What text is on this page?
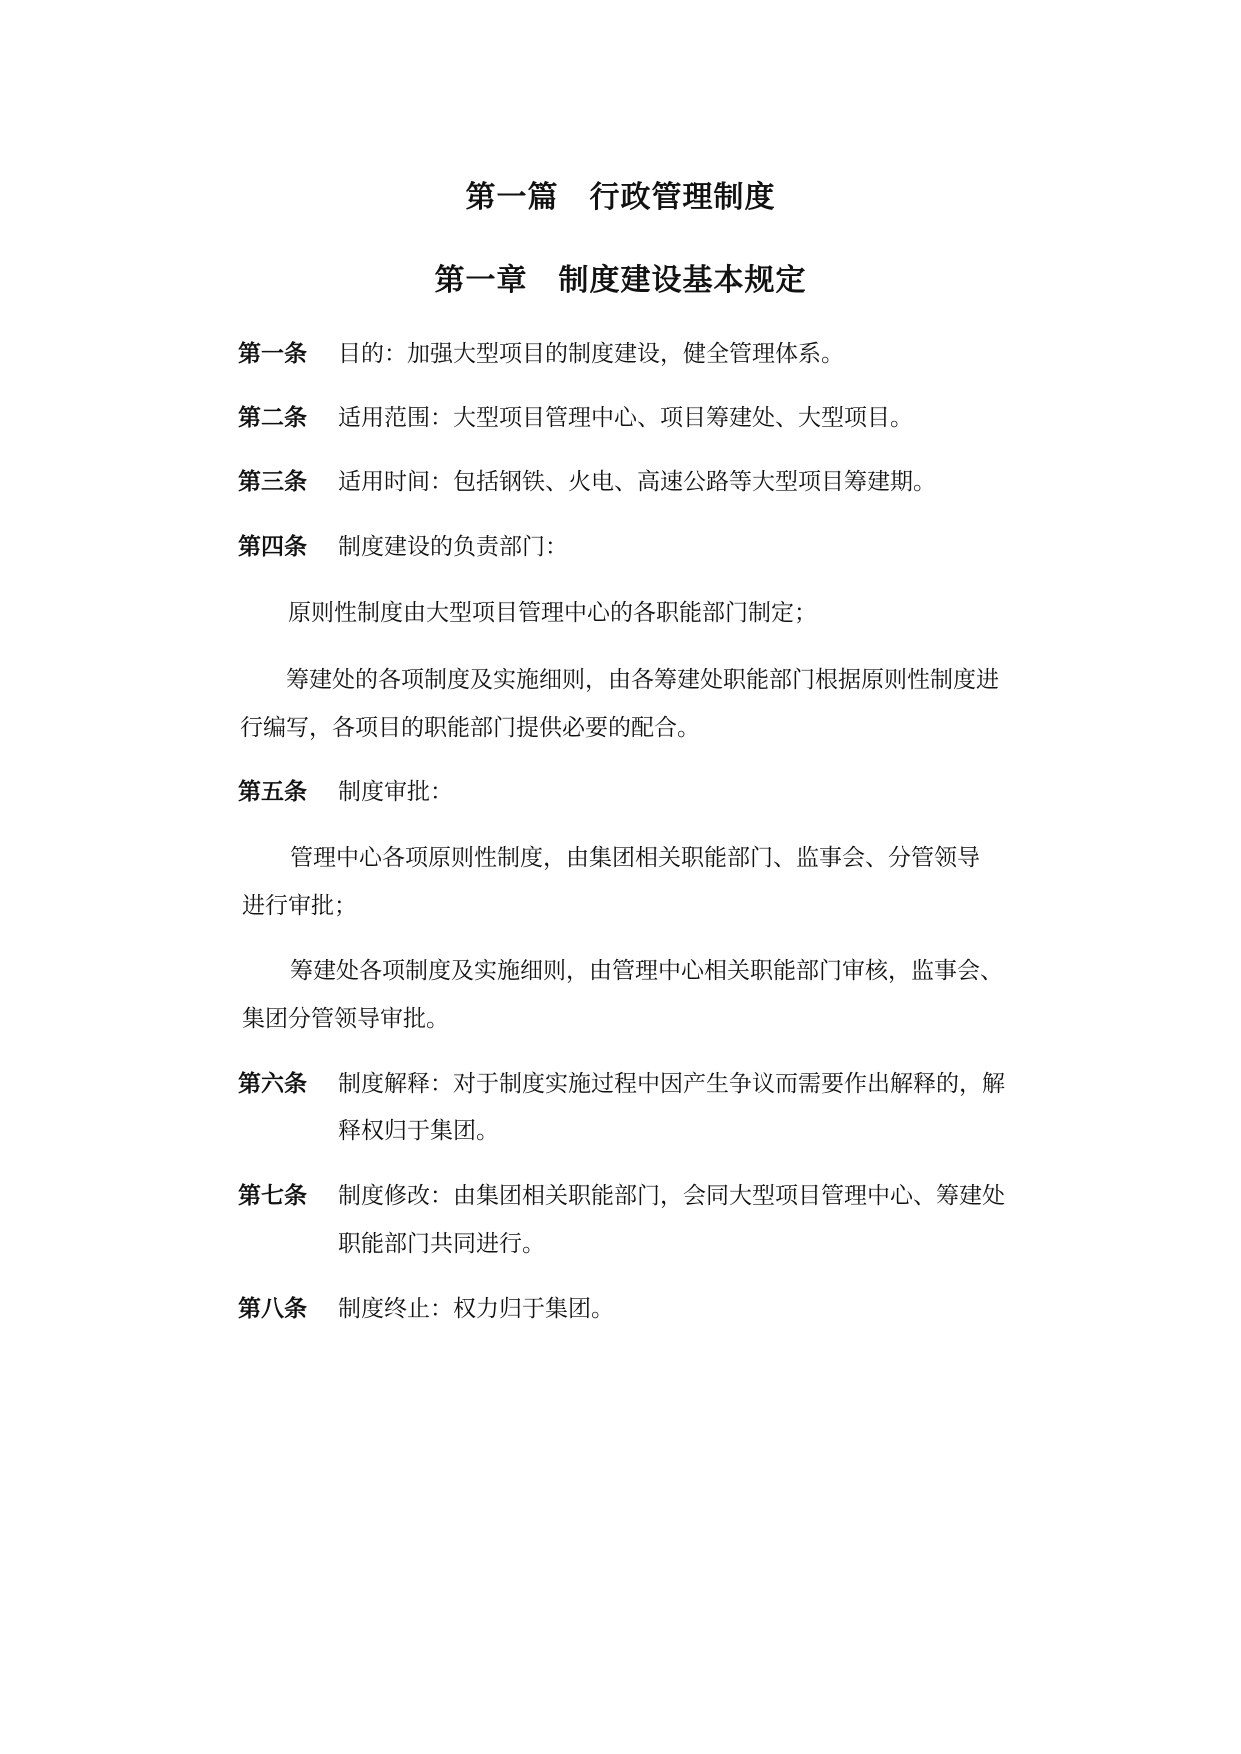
第一篇　行政管理制度
第一章　制度建设基本规定
第一条 目的：加强大型项目的制度建设，健全管理体系。
第二条 适用范围：大型项目管理中心、项目筹建处、大型项目。
第三条 适用时间：包括钢铁、火电、高速公路等大型项目筹建期。
第四条 制度建设的负责部门：
原则性制度由大型项目管理中心的各职能部门制定；
筹建处的各项制度及实施细则，由各筹建处职能部门根据原则性制度进
行编写，各项目的职能部门提供必要的配合。
第五条 制度审批：
管理中心各项原则性制度，由集团相关职能部门、监事会、分管领导
进行审批；
筹建处各项制度及实施细则，由管理中心相关职能部门审核，监事会、
集团分管领导审批。
第六条 制度解释：对于制度实施过程中因产生争议而需要作出解释的，解
释权归于集团。
第七条 制度修改：由集团相关职能部门，会同大型项目管理中心、筹建处
职能部门共同进行。
第八条 制度终止：权力归于集团。
